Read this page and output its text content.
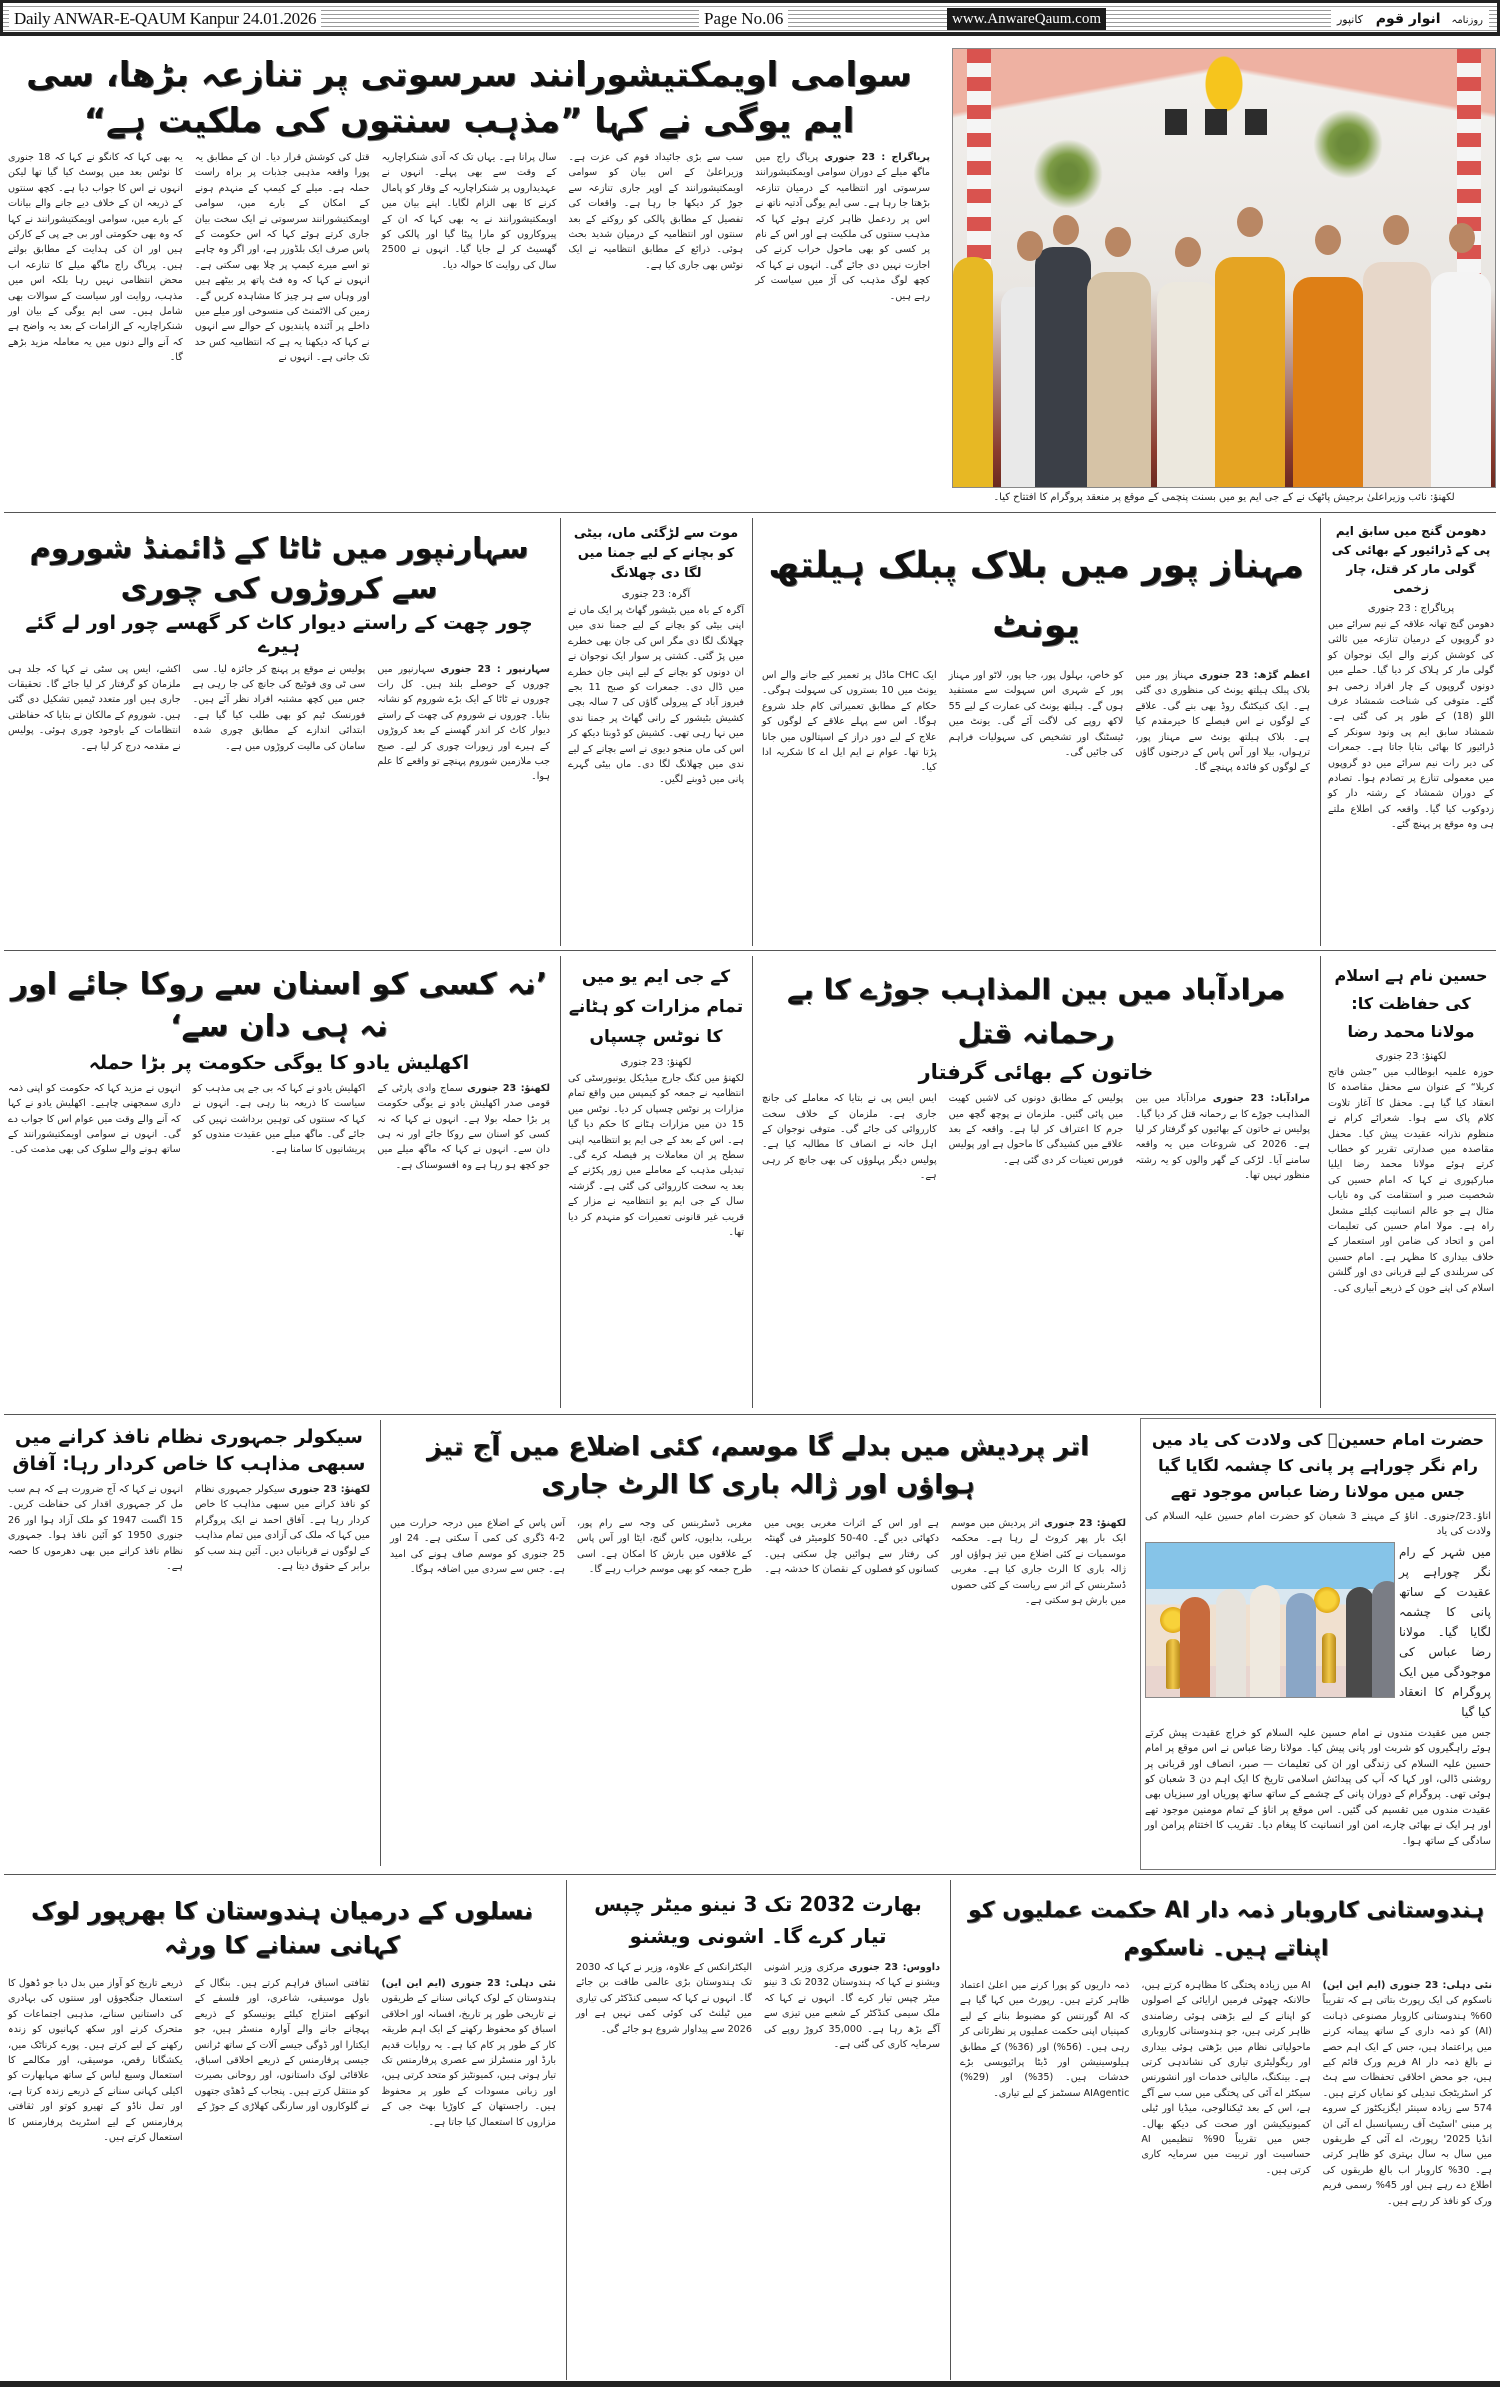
Daily ANWAR-E-QAUM Kanpur 24.01.2026	Page No.06	www.AnwareQaum.com	روزنامہ انوار قوم کانپور
سوامی اویمکتیشورانند سرسوتی پر تنازعہ بڑھا، سی ایم یوگی نے کہا ”مذہب سنتوں کی ملکیت ہے“
پریاگراج : 23 جنوری پریاگ راج میں ماگھ میلے کے دوران سوامی اویمکتیشورانند سرسوتی اور انتظامیہ کے درمیان تنازعہ بڑھتا جا رہا ہے۔ سی ایم یوگی آدتیہ ناتھ نے اس پر ردعمل ظاہر کرتے ہوئے کہا کہ مذہب سنتوں کی ملکیت ہے اور اس کے نام پر کسی کو بھی ماحول خراب کرنے کی اجازت نہیں دی جائے گی۔ انہوں نے کہا کہ کچھ لوگ مذہب کی آڑ میں سیاست کر رہے ہیں۔
سب سے بڑی جائیداد قوم کی عزت ہے۔ وزیراعلیٰ کے اس بیان کو سوامی اویمکتیشورانند کے اوپر جاری تنازعہ سے جوڑ کر دیکھا جا رہا ہے۔ واقعات کی تفصیل کے مطابق پالکی کو روکنے کے بعد سنتوں اور انتظامیہ کے درمیان شدید بحث ہوئی۔ ذرائع کے مطابق انتظامیہ نے ایک نوٹس بھی جاری کیا ہے۔
سال پرانا ہے۔ یہاں تک کہ آدی شنکراچاریہ کے وقت سے بھی پہلے۔ انہوں نے عہدیداروں پر شنکراچاریہ کے وقار کو پامال کرنے کا بھی الزام لگایا۔ اپنے بیان میں اویمکتیشورانند نے یہ بھی کہا کہ ان کے پیروکاروں کو مارا پیٹا گیا اور پالکی کو گھسیٹ کر لے جایا گیا۔ انہوں نے 2500 سال کی روایت کا حوالہ دیا۔
قتل کی کوشش قرار دیا۔ ان کے مطابق یہ پورا واقعہ مذہبی جذبات پر براہ راست حملہ ہے۔ میلے کے کیمپ کے منہدم ہونے کے امکان کے بارے میں، سوامی اویمکتیشورانند سرسوتی نے ایک سخت بیان جاری کرتے ہوئے کہا کہ اس حکومت کے پاس صرف ایک بلڈوزر ہے، اور اگر وہ چاہے تو اسے میرے کیمپ پر چلا بھی سکتی ہے۔ انہوں نے کہا کہ وہ فٹ پاتھ پر بیٹھے ہیں اور وہاں سے ہر چیز کا مشاہدہ کریں گے۔ زمین کی الاٹمنٹ کی منسوخی اور میلے میں داخلے پر آئندہ پابندیوں کے حوالے سے انہوں نے کہا کہ دیکھنا یہ ہے کہ انتظامیہ کس حد تک جاتی ہے۔ انہوں نے
یہ بھی کہا کہ کانگو نے کہا کہ 18 جنوری کا نوٹس بعد میں پوسٹ کیا گیا تھا لیکن انہوں نے اس کا جواب دیا ہے۔ کچھ سنتوں کے ذریعہ ان کے خلاف دیے جانے والے بیانات کے بارے میں، سوامی اویمکتیشورانند نے کہا کہ وہ بھی حکومتی اور بی جے پی کے کارکن ہیں اور ان کی ہدایت کے مطابق بولتے ہیں۔ پریاگ راج ماگھ میلے کا تنازعہ اب محض انتظامی نہیں رہا بلکہ اس میں مذہب، روایت اور سیاست کے سوالات بھی شامل ہیں۔ سی ایم یوگی کے بیان اور شنکراچاریہ کے الزامات کے بعد یہ واضح ہے کہ آنے والے دنوں میں یہ معاملہ مزید بڑھے گا۔
لکھنؤ: نائب وزیراعلیٰ برجیش پاٹھک نے کے جی ایم یو میں بسنت پنچمی کے موقع پر منعقد پروگرام کا افتتاح کیا۔
سہارنپور میں ٹاٹا کے ڈائمنڈ شوروم سے کروڑوں کی چوری
چور چھت کے راستے دیوار کاٹ کر گھسے چور اور لے گئے ہیرے
سہارنپور : 23 جنوری سہارنپور میں چوروں کے حوصلے بلند ہیں۔ کل رات چوروں نے ٹاٹا کے ایک بڑے شوروم کو نشانہ بنایا۔ چوروں نے شوروم کی چھت کے راستے دیوار کاٹ کر اندر گھسنے کے بعد کروڑوں کے ہیرے اور زیورات چوری کر لیے۔ صبح جب ملازمین شوروم پہنچے تو واقعے کا علم ہوا۔
پولیس نے موقع پر پہنچ کر جائزہ لیا۔ سی سی ٹی وی فوٹیج کی جانچ کی جا رہی ہے جس میں کچھ مشتبہ افراد نظر آئے ہیں۔ فورنسک ٹیم کو بھی طلب کیا گیا ہے۔ ابتدائی اندازے کے مطابق چوری شدہ سامان کی مالیت کروڑوں میں ہے۔
اکشے، ایس پی سٹی نے کہا کہ جلد ہی ملزمان کو گرفتار کر لیا جائے گا۔ تحقیقات جاری ہیں اور متعدد ٹیمیں تشکیل دی گئی ہیں۔ شوروم کے مالکان نے بتایا کہ حفاظتی انتظامات کے باوجود چوری ہوئی۔ پولیس نے مقدمہ درج کر لیا ہے۔
موت سے لڑگئی ماں، بیٹی کو بچانے کے لیے جمنا میں لگا دی چھلانگ
آگرہ: 23 جنوری
آگرہ کے باہ میں بٹیشور گھاٹ پر ایک ماں نے اپنی بیٹی کو بچانے کے لیے جمنا ندی میں چھلانگ لگا دی مگر اس کی جان بھی خطرے میں پڑ گئی۔ کشتی پر سوار ایک نوجوان نے ان دونوں کو بچانے کے لیے اپنی جان خطرے میں ڈال دی۔ جمعرات کو صبح 11 بجے فیروز آباد کے پیرولی گاؤں کی 7 سالہ بچی کشیش بٹیشور کے رانی گھاٹ پر جمنا ندی میں نہا رہی تھی۔ کشیش کو ڈوبتا دیکھ کر اس کی ماں منجو دیوی نے اسے بچانے کے لیے ندی میں چھلانگ لگا دی۔ ماں بیٹی گہرے پانی میں ڈوبنے لگیں۔
مہناز پور میں بلاک پبلک ہیلتھ یونٹ
اعظم گڑھ: 23 جنوری مہناز پور میں بلاک پبلک ہیلتھ یونٹ کی منظوری دی گئی ہے۔ ایک کنیکٹنگ روڈ بھی بنے گی۔ علاقے کے لوگوں نے اس فیصلے کا خیرمقدم کیا ہے۔ بلاک ہیلتھ یونٹ سے مہناز پور، ترہواں، بیلا اور آس پاس کے درجنوں گاؤں کے لوگوں کو فائدہ پہنچے گا۔
کو خاص، بہلول پور، جیا پور، لاٹو اور مہناز پور کے شہری اس سہولت سے مستفید ہوں گے۔ ہیلتھ یونٹ کی عمارت کے لیے 55 لاکھ روپے کی لاگت آئے گی۔ یونٹ میں ٹیسٹنگ اور تشخیص کی سہولیات فراہم کی جائیں گی۔
ایک CHC ماڈل پر تعمیر کیے جانے والے اس یونٹ میں 10 بستروں کی سہولت ہوگی۔ حکام کے مطابق تعمیراتی کام جلد شروع ہوگا۔ اس سے پہلے علاقے کے لوگوں کو علاج کے لیے دور دراز کے اسپتالوں میں جانا پڑتا تھا۔ عوام نے ایم ایل اے کا شکریہ ادا کیا۔
دھومن گنج میں سابق ایم پی کے ڈرائیور کے بھائی کی گولی مار کر قتل، چار زخمی
پریاگراج : 23 جنوری
دھومن گنج تھانہ علاقہ کے نیم سرائے میں دو گروپوں کے درمیان تنازعہ میں ثالثی کی کوشش کرنے والے ایک نوجوان کو گولی مار کر ہلاک کر دیا گیا۔ حملے میں دونوں گروپوں کے چار افراد زخمی ہو گئے۔ متوفی کی شناخت شمشاد عرف اللو (18) کے طور پر کی گئی ہے۔ شمشاد سابق ایم پی ونود سونکر کے ڈرائیور کا بھائی بتایا جاتا ہے۔ جمعرات کی دیر رات نیم سرائے میں دو گروپوں میں معمولی تنازع پر تصادم ہوا۔ تصادم کے دوران شمشاد کے رشتہ دار کو زدوکوب کیا گیا۔ واقعہ کی اطلاع ملتے ہی وہ موقع پر پہنچ گئے۔
’نہ کسی کو اسنان سے روکا جائے اور نہ ہی دان سے‘
اکھلیش یادو کا یوگی حکومت پر بڑا حملہ
لکھنؤ: 23 جنوری سماج وادی پارٹی کے قومی صدر اکھلیش یادو نے یوگی حکومت پر بڑا حملہ بولا ہے۔ انہوں نے کہا کہ نہ کسی کو اسنان سے روکا جائے اور نہ ہی دان سے۔ انہوں نے کہا کہ ماگھ میلے میں جو کچھ ہو رہا ہے وہ افسوسناک ہے۔
اکھلیش یادو نے کہا کہ بی جے پی مذہب کو سیاست کا ذریعہ بنا رہی ہے۔ انہوں نے کہا کہ سنتوں کی توہین برداشت نہیں کی جائے گی۔ ماگھ میلے میں عقیدت مندوں کو پریشانیوں کا سامنا ہے۔
انہوں نے مزید کہا کہ حکومت کو اپنی ذمہ داری سمجھنی چاہیے۔ اکھلیش یادو نے کہا کہ آنے والے وقت میں عوام اس کا جواب دے گی۔ انہوں نے سوامی اویمکتیشورانند کے ساتھ ہونے والے سلوک کی بھی مذمت کی۔
کے جی ایم یو میں تمام مزارات کو ہٹانے کا نوٹس چسپاں
لکھنؤ: 23 جنوری
لکھنؤ میں کنگ جارج میڈیکل یونیورسٹی کی انتظامیہ نے جمعہ کو کیمپس میں واقع تمام مزارات پر نوٹس چسپاں کر دیا۔ نوٹس میں 15 دن میں مزارات ہٹانے کا حکم دیا گیا ہے۔ اس کے بعد کے جی ایم یو انتظامیہ اپنی سطح پر ان معاملات پر فیصلہ کرے گی۔ تبدیلی مذہب کے معاملے میں زور پکڑنے کے بعد یہ سخت کارروائی کی گئی ہے۔ گزشتہ سال کے جی ایم یو انتظامیہ نے مزار کے قریب غیر قانونی تعمیرات کو منہدم کر دیا تھا۔
مرادآباد میں بین المذاہب جوڑے کا بے رحمانہ قتل
خاتون کے بھائی گرفتار
مرادآباد: 23 جنوری مرادآباد میں بین المذاہب جوڑے کا بے رحمانہ قتل کر دیا گیا۔ پولیس نے خاتون کے بھائیوں کو گرفتار کر لیا ہے۔ 2026 کی شروعات میں یہ واقعہ سامنے آیا۔ لڑکی کے گھر والوں کو یہ رشتہ منظور نہیں تھا۔
پولیس کے مطابق دونوں کی لاشیں کھیت میں پائی گئیں۔ ملزمان نے پوچھ گچھ میں جرم کا اعتراف کر لیا ہے۔ واقعہ کے بعد علاقے میں کشیدگی کا ماحول ہے اور پولیس فورس تعینات کر دی گئی ہے۔
ایس ایس پی نے بتایا کہ معاملے کی جانچ جاری ہے۔ ملزمان کے خلاف سخت کارروائی کی جائے گی۔ متوفی نوجوان کے اہل خانہ نے انصاف کا مطالبہ کیا ہے۔ پولیس دیگر پہلوؤں کی بھی جانچ کر رہی ہے۔
حسین نام ہے اسلام کی حفاظت کا: مولانا محمد رضا
لکھنؤ: 23 جنوری
حوزہ علمیہ ابوطالب میں ”جشن فاتح کربلا“ کے عنوان سے محفل مقاصدہ کا انعقاد کیا گیا ہے۔ محفل کا آغاز تلاوت کلام پاک سے ہوا۔ شعرائے کرام نے منظوم نذرانہ عقیدت پیش کیا۔ محفل مقاصدہ میں صدارتی تقریر کو خطاب کرتے ہوئے مولانا محمد رضا ایلیا مبارکپوری نے کہا کہ امام حسین کی شخصیت صبر و استقامت کی وہ نایاب مثال ہے جو عالم انسانیت کیلئے مشعل راہ ہے۔ مولا امام حسین کی تعلیمات امن و اتحاد کی ضامن اور استعمار کے خلاف بیداری کا مظہر ہے۔ امام حسین کی سربلندی کے لیے قربانی دی اور گلشن اسلام کی اپنے خون کے ذریعے آبیاری کی۔
سیکولر جمہوری نظام نافذ کرانے میں سبھی مذاہب کا خاص کردار رہا: آفاق
لکھنؤ: 23 جنوری سیکولر جمہوری نظام کو نافذ کرانے میں سبھی مذاہب کا خاص کردار رہا ہے۔ آفاق احمد نے ایک پروگرام میں کہا کہ ملک کی آزادی میں تمام مذاہب کے لوگوں نے قربانیاں دیں۔ آئین ہند سب کو برابر کے حقوق دیتا ہے۔
انہوں نے کہا کہ آج ضرورت ہے کہ ہم سب مل کر جمہوری اقدار کی حفاظت کریں۔ 15 اگست 1947 کو ملک آزاد ہوا اور 26 جنوری 1950 کو آئین نافذ ہوا۔ جمہوری نظام نافذ کرانے میں بھی دھرموں کا حصہ ہے۔
اتر پردیش میں بدلے گا موسم، کئی اضلاع میں آج تیز ہواؤں اور ژالہ باری کا الرٹ جاری
لکھنؤ: 23 جنوری اتر پردیش میں موسم ایک بار پھر کروٹ لے رہا ہے۔ محکمہ موسمیات نے کئی اضلاع میں تیز ہواؤں اور ژالہ باری کا الرٹ جاری کیا ہے۔ مغربی ڈسٹربنس کے اثر سے ریاست کے کئی حصوں میں بارش ہو سکتی ہے۔
ہے اور اس کے اثرات مغربی یوپی میں دکھائی دیں گے۔ 40-50 کلومیٹر فی گھنٹہ کی رفتار سے ہوائیں چل سکتی ہیں۔ کسانوں کو فصلوں کے نقصان کا خدشہ ہے۔
مغربی ڈسٹربنس کی وجہ سے رام پور، بریلی، بدایوں، کاس گنج، ایٹا اور آس پاس کے علاقوں میں بارش کا امکان ہے۔ اسی طرح جمعہ کو بھی موسم خراب رہے گا۔
آس پاس کے اضلاع میں درجہ حرارت میں 2-4 ڈگری کی کمی آ سکتی ہے۔ 24 اور 25 جنوری کو موسم صاف ہونے کی امید ہے۔ جس سے سردی میں اضافہ ہوگا۔
حضرت امام حسینؑ کی ولادت کی یاد میں رام نگر چوراہے پر پانی کا چشمہ لگایا گیا جس میں مولانا رضا عباس موجود تھے
اناؤ۔23/جنوری۔ اناؤ کے مہینے 3 شعبان کو حضرت امام حسین علیہ السلام کی ولادت کی یاد
میں شہر کے رام نگر چوراہے پر عقیدت کے ساتھ پانی کا چشمہ لگایا گیا۔ مولانا رضا عباس کی موجودگی میں ایک پروگرام کا انعقاد کیا گیا
جس میں عقیدت مندوں نے امام حسین علیہ السلام کو خراج عقیدت پیش کرتے ہوئے راہگیروں کو شربت اور پانی پیش کیا۔ مولانا رضا عباس نے اس موقع پر امام حسین علیہ السلام کی زندگی اور ان کی تعلیمات — صبر، انصاف اور قربانی پر روشنی ڈالی، اور کہا کہ آپ کی پیدائش اسلامی تاریخ کا ایک اہم دن 3 شعبان کو ہوئی تھی۔ پروگرام کے دوران پانی کے چشمے کے ساتھ ساتھ پوریاں اور سبزیاں بھی عقیدت مندوں میں تقسیم کی گئیں۔ اس موقع پر اناؤ کے تمام مومنین موجود تھے اور ہر ایک نے بھائی چارے، امن اور انسانیت کا پیغام دیا۔ تقریب کا اختتام پرامن اور سادگی کے ساتھ ہوا۔
نسلوں کے درمیان ہندوستان کا بھرپور لوک کہانی سنانے کا ورثہ
نئی دہلی: 23 جنوری (ایم این این) ہندوستان کے لوک کہانی سنانے کے طریقوں نے تاریخی طور پر تاریخ، افسانہ اور اخلاقی اسباق کو محفوظ رکھنے کے ایک اہم طریقہ کار کے طور پر کام کیا ہے۔ یہ روایات قدیم بارڈ اور منسٹرلز سے عصری پرفارمنس تک تیار ہوتی ہیں، کمیونٹیز کو متحد کرتی ہیں، اور زبانی مسودات کے طور پر محفوظ ہیں۔ راجستھان کے کاوڑیا بھٹ جی کے مزاروں کا استعمال کیا جاتا ہے۔
ثقافتی اسباق فراہم کرتے ہیں۔ بنگال کے باول موسیقی، شاعری، اور فلسفے کے انوکھے امتزاج کیلئے یونیسکو کے ذریعے پہچانے جانے والے آوارہ منسٹر ہیں، جو ایکتارا اور ڈوگی جیسے آلات کے ساتھ ٹرانس جیسی پرفارمنس کے ذریعے اخلاقی اسباق، علاقائی لوک داستانوں، اور روحانی بصیرت کو منتقل کرتے ہیں۔ پنجاب کے ڈھڈی جتھوں نے گلوکاروں اور سارنگی کھلاڑی کے جوڑ کے
ذریعے تاریخ کو آواز میں بدل دیا جو ڈھول کا استعمال جنگجوؤں اور سنتوں کی بہادری کی داستانیں سنانے، مذہبی اجتماعات کو متحرک کرنے اور سکھ کہانیوں کو زندہ رکھنے کے لیے کرتے ہیں۔ پورے کرناٹک میں، یکشگانا رقص، موسیقی، اور مکالمے کا استعمال وسیع لباس کے ساتھ مہابھارت کو اکیلی کہانی سنانے کے ذریعے زندہ کرتا ہے، اور تمل ناڈو کے تھیرو کوتو اور ثقافتی پرفارمنس کے لیے اسٹریٹ پرفارمنس کا استعمال کرتے ہیں۔
بھارت 2032 تک 3 نینو میٹر چپس تیار کرے گا۔ اشونی ویشنو
داووس: 23 جنوری مرکزی وزیر اشونی ویشنو نے کہا کہ ہندوستان 2032 تک 3 نینو میٹر چپس تیار کرے گا۔ انہوں نے کہا کہ ملک سیمی کنڈکٹر کے شعبے میں تیزی سے آگے بڑھ رہا ہے۔ 35,000 کروڑ روپے کی سرمایہ کاری کی گئی ہے۔
الیکٹرانکس کے علاوہ، وزیر نے کہا کہ 2030 تک ہندوستان بڑی عالمی طاقت بن جائے گا۔ انہوں نے کہا کہ سیمی کنڈکٹر کی تیاری میں ٹیلنٹ کی کوئی کمی نہیں ہے اور 2026 سے پیداوار شروع ہو جائے گی۔
ہندوستانی کاروبار ذمہ دار AI حکمت عملیوں کو اپناتے ہیں۔ ناسکوم
نئی دہلی: 23 جنوری (ایم این این) ناسکوم کی ایک رپورٹ بتاتی ہے کہ تقریباً 60% ہندوستانی کاروبار مصنوعی ذہانت (AI) کو ذمہ داری کے ساتھ پیمانہ کرنے میں پراعتماد ہیں، جس کے ایک اہم حصے نے بالغ ذمہ دار AI فریم ورک قائم کیے ہیں، جو محض اخلاقی تحفظات سے ہٹ کر اسٹریٹجک تبدیلی کو نمایاں کرتے ہیں۔ 574 سے زیادہ سینئر ایگزیکٹوز کے سروے پر مبنی 'اسٹیٹ آف ریسپانسبل اے آئی ان انڈیا 2025' رپورٹ، اے آئی کے طریقوں میں سال بہ سال بہتری کو ظاہر کرتی ہے۔ 30% کاروبار اب بالغ طریقوں کی اطلاع دے رہے ہیں اور 45% رسمی فریم ورک کو نافذ کر رہے ہیں۔
AI میں زیادہ پختگی کا مظاہرہ کرتے ہیں، حالانکہ چھوٹی فرمیں ارایائی کے اصولوں کو اپنانے کے لیے بڑھتی ہوئی رضامندی ظاہر کرتی ہیں، جو ہندوستانی کاروباری ماحولیاتی نظام میں بڑھتی ہوئی بیداری اور ریگولیٹری تیاری کی نشاندہی کرتی ہے۔ بینکنگ، مالیاتی خدمات اور انشورنس سیکٹر اے آئی کی پختگی میں سب سے آگے ہے، اس کے بعد ٹیکنالوجی، میڈیا اور ٹیلی کمیونیکیشن اور صحت کی دیکھ بھال۔ جس میں تقریباً 90% تنظیمیں AI حساسیت اور تربیت میں سرمایہ کاری کرتی ہیں۔
ذمہ داریوں کو پورا کرنے میں اعلیٰ اعتماد ظاہر کرتے ہیں۔ رپورٹ میں کہا گیا ہے کہ AI گورننس کو مضبوط بنانے کے لیے کمپنیاں اپنی حکمت عملیوں پر نظرثانی کر رہی ہیں۔ (56%) اور (36%) کے مطابق ہیلوسینیشن اور ڈیٹا پرائیویسی بڑے خدشات ہیں۔ (35%) اور (29%) AIAgentic سسٹمز کے لیے تیاری۔
